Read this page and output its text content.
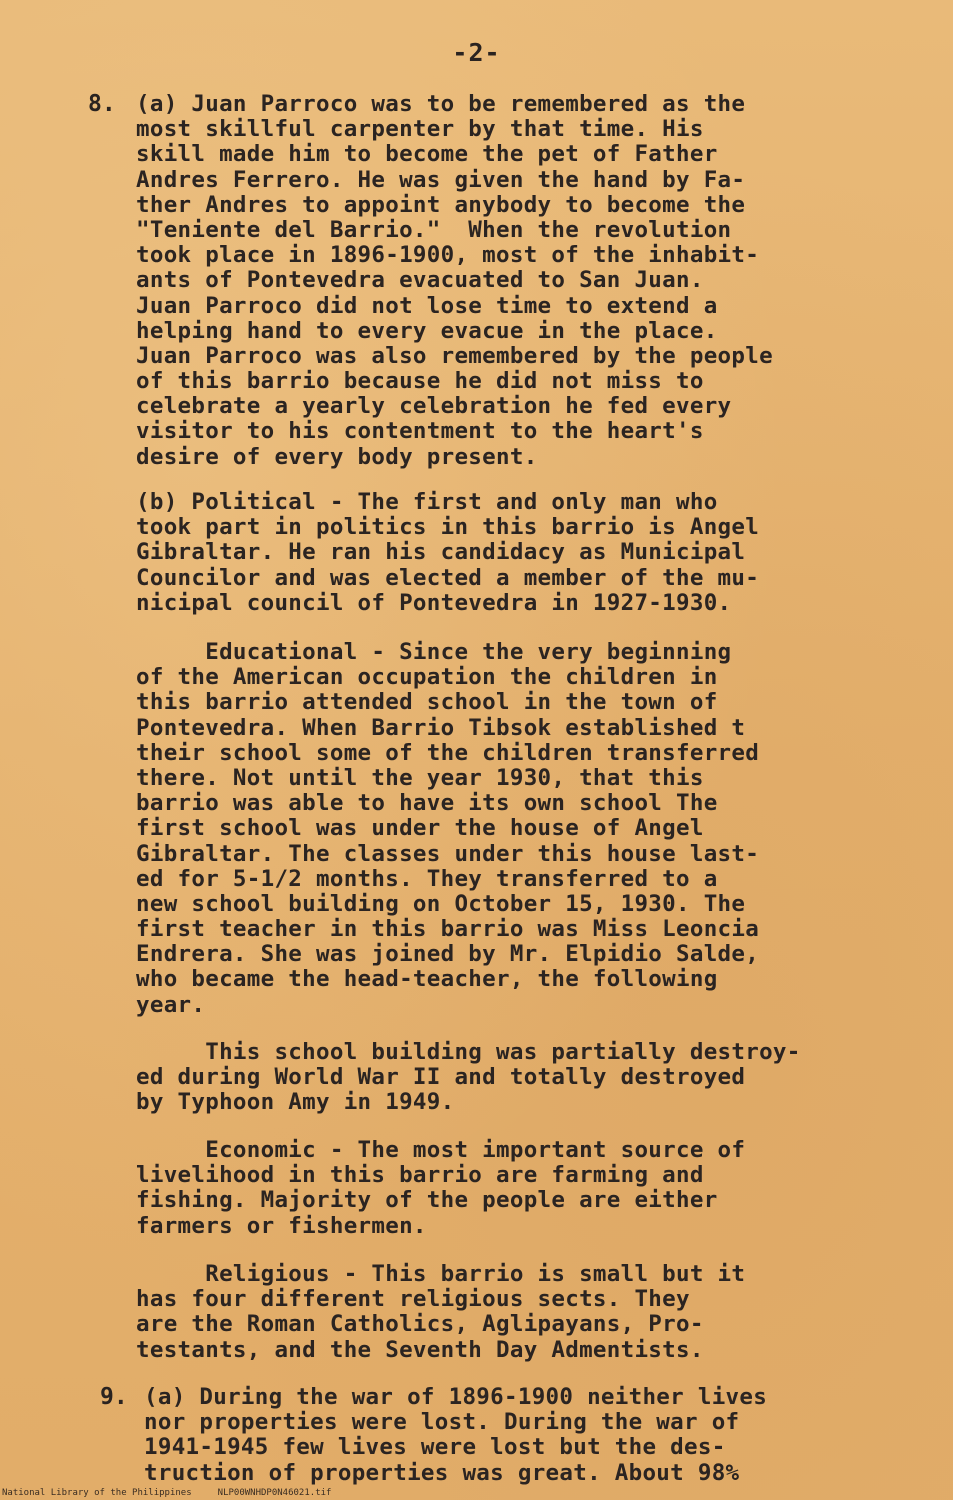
-2-
8. (a) Juan Parroco was to be remembered as the
most skillful carpenter by that time. His
skill made him to become the pet of Father
Andres Ferrero. He was given the hand by Fa-
ther Andres to appoint anybody to become the
"Teniente del Barrio."  When the revolution
took place in 1896-1900, most of the inhabit-
ants of Pontevedra evacuated to San Juan.
Juan Parroco did not lose time to extend a
helping hand to every evacue in the place.
Juan Parroco was also remembered by the people
of this barrio because he did not miss to
celebrate a yearly celebration he fed every
visitor to his contentment to the heart's
desire of every body present.
(b) Political - The first and only man who
took part in politics in this barrio is Angel
Gibraltar. He ran his candidacy as Municipal
Councilor and was elected a member of the mu-
nicipal council of Pontevedra in 1927-1930.
Educational - Since the very beginning
of the American occupation the children in
this barrio attended school in the town of
Pontevedra. When Barrio Tibsok established t
their school some of the children transferred
there. Not until the year 1930, that this
barrio was able to have its own school The
first school was under the house of Angel
Gibraltar. The classes under this house last-
ed for 5-1/2 months. They transferred to a
new school building on October 15, 1930. The
first teacher in this barrio was Miss Leoncia
Endrera. She was joined by Mr. Elpidio Salde,
who became the head-teacher, the following
year.
This school building was partially destroy-
ed during World War II and totally destroyed
by Typhoon Amy in 1949.
Economic - The most important source of
livelihood in this barrio are farming and
fishing. Majority of the people are either
farmers or fishermen.
Religious - This barrio is small but it
has four different religious sects. They
are the Roman Catholics, Aglipayans, Pro-
testants, and the Seventh Day Admentists.
9. (a) During the war of 1896-1900 neither lives
nor properties were lost. During the war of
1941-1945 few lives were lost but the des-
truction of properties was great. About 98%
National Library of the Philippines	NLP00WNHDP0N46021.tif
